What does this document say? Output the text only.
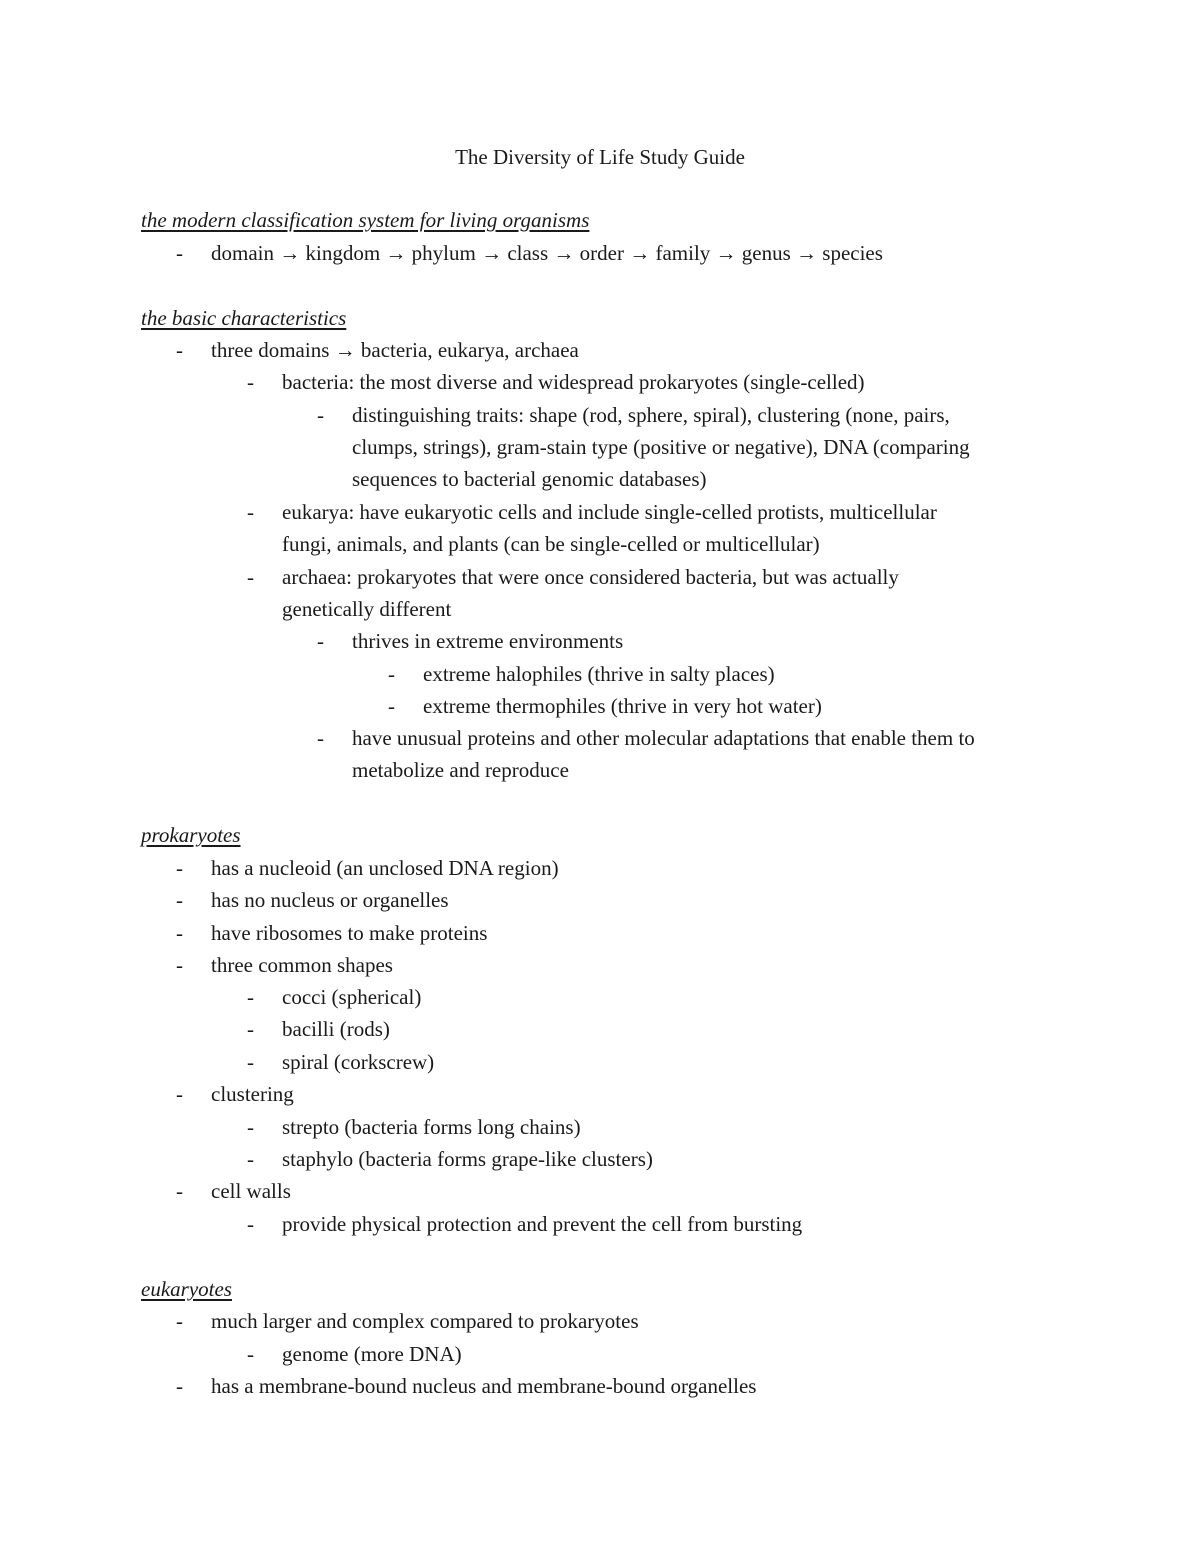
The Diversity of Life Study Guide
the modern classification system for living organisms
- domain → kingdom → phylum → class → order → family → genus → species
the basic characteristics
- three domains → bacteria, eukarya, archaea
- bacteria: the most diverse and widespread prokaryotes (single-celled)
- distinguishing traits: shape (rod, sphere, spiral), clustering (none, pairs,
clumps, strings), gram-stain type (positive or negative), DNA (comparing
sequences to bacterial genomic databases)
- eukarya: have eukaryotic cells and include single-celled protists, multicellular
fungi, animals, and plants (can be single-celled or multicellular)
- archaea: prokaryotes that were once considered bacteria, but was actually
genetically different
- thrives in extreme environments
- extreme halophiles (thrive in salty places)
- extreme thermophiles (thrive in very hot water)
- have unusual proteins and other molecular adaptations that enable them to
metabolize and reproduce
prokaryotes
- has a nucleoid (an unclosed DNA region)
- has no nucleus or organelles
- have ribosomes to make proteins
- three common shapes
- cocci (spherical)
- bacilli (rods)
- spiral (corkscrew)
- clustering
- strepto (bacteria forms long chains)
- staphylo (bacteria forms grape-like clusters)
- cell walls
- provide physical protection and prevent the cell from bursting
eukaryotes
- much larger and complex compared to prokaryotes
- genome (more DNA)
- has a membrane-bound nucleus and membrane-bound organelles
